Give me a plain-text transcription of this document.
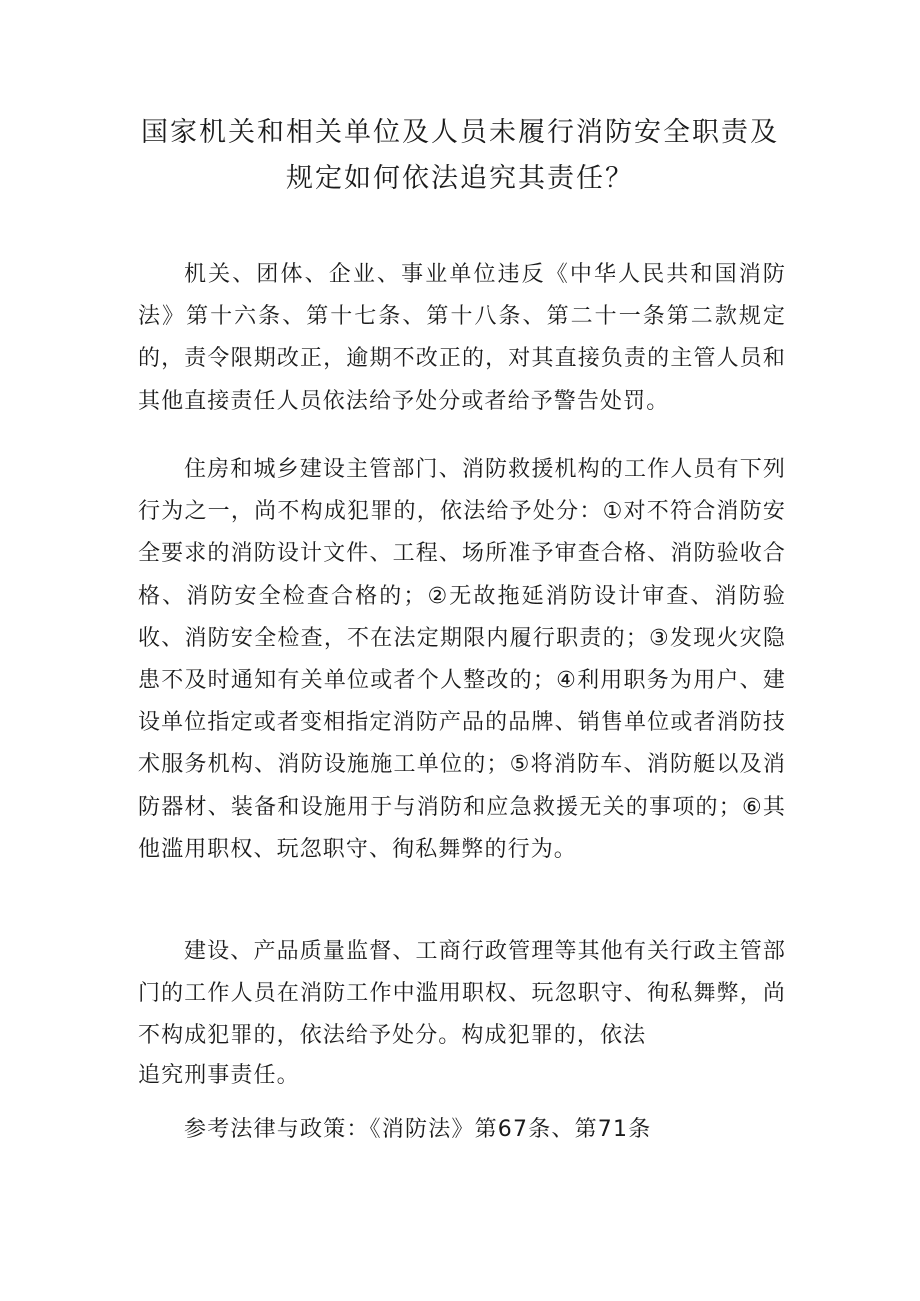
国家机关和相关单位及人员未履行消防安全职责及
规定如何依法追究其责任？

机关、团体、企业、事业单位违反《中华人民共和国消防法》第十六条、第十七条、第十八条、第二十一条第二款规定的，责令限期改正，逾期不改正的，对其直接负责的主管人员和其他直接责任人员依法给予处分或者给予警告处罚。

住房和城乡建设主管部门、消防救援机构的工作人员有下列行为之一，尚不构成犯罪的，依法给予处分：①对不符合消防安全要求的消防设计文件、工程、场所准予审查合格、消防验收合格、消防安全检查合格的；②无故拖延消防设计审查、消防验收、消防安全检查，不在法定期限内履行职责的；③发现火灾隐患不及时通知有关单位或者个人整改的；④利用职务为用户、建设单位指定或者变相指定消防产品的品牌、销售单位或者消防技术服务机构、消防设施施工单位的；⑤将消防车、消防艇以及消防器材、装备和设施用于与消防和应急救援无关的事项的；⑥其他滥用职权、玩忽职守、徇私舞弊的行为。

建设、产品质量监督、工商行政管理等其他有关行政主管部门的工作人员在消防工作中滥用职权、玩忽职守、徇私舞弊，尚不构成犯罪的，依法给予处分。构成犯罪的，依法
追究刑事责任。

参考法律与政策：《消防法》第67条、第71条
